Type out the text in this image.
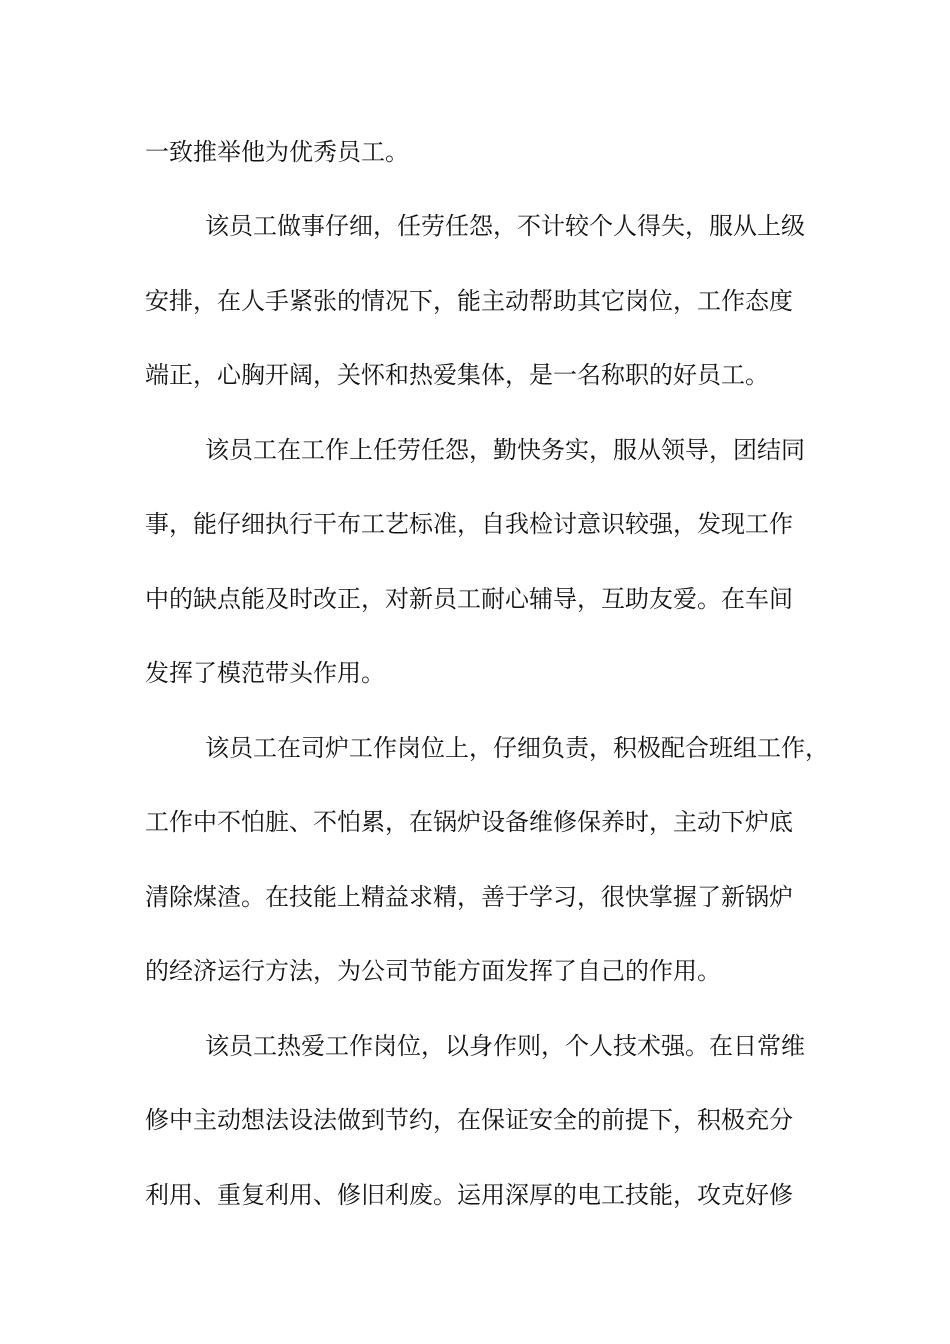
一致推举他为优秀员工。
该员工做事仔细，任劳任怨，不计较个人得失，服从上级
安排，在人手紧张的情况下，能主动帮助其它岗位，工作态度
端正，心胸开阔，关怀和热爱集体，是一名称职的好员工。
该员工在工作上任劳任怨，勤快务实，服从领导，团结同
事，能仔细执行干布工艺标准，自我检讨意识较强，发现工作
中的缺点能及时改正，对新员工耐心辅导，互助友爱。在车间
发挥了模范带头作用。
该员工在司炉工作岗位上，仔细负责，积极配合班组工作，
工作中不怕脏、不怕累，在锅炉设备维修保养时，主动下炉底
清除煤渣。在技能上精益求精，善于学习，很快掌握了新锅炉
的经济运行方法，为公司节能方面发挥了自己的作用。
该员工热爱工作岗位，以身作则，个人技术强。在日常维
修中主动想法设法做到节约，在保证安全的前提下，积极充分
利用、重复利用、修旧利废。运用深厚的电工技能，攻克好修
